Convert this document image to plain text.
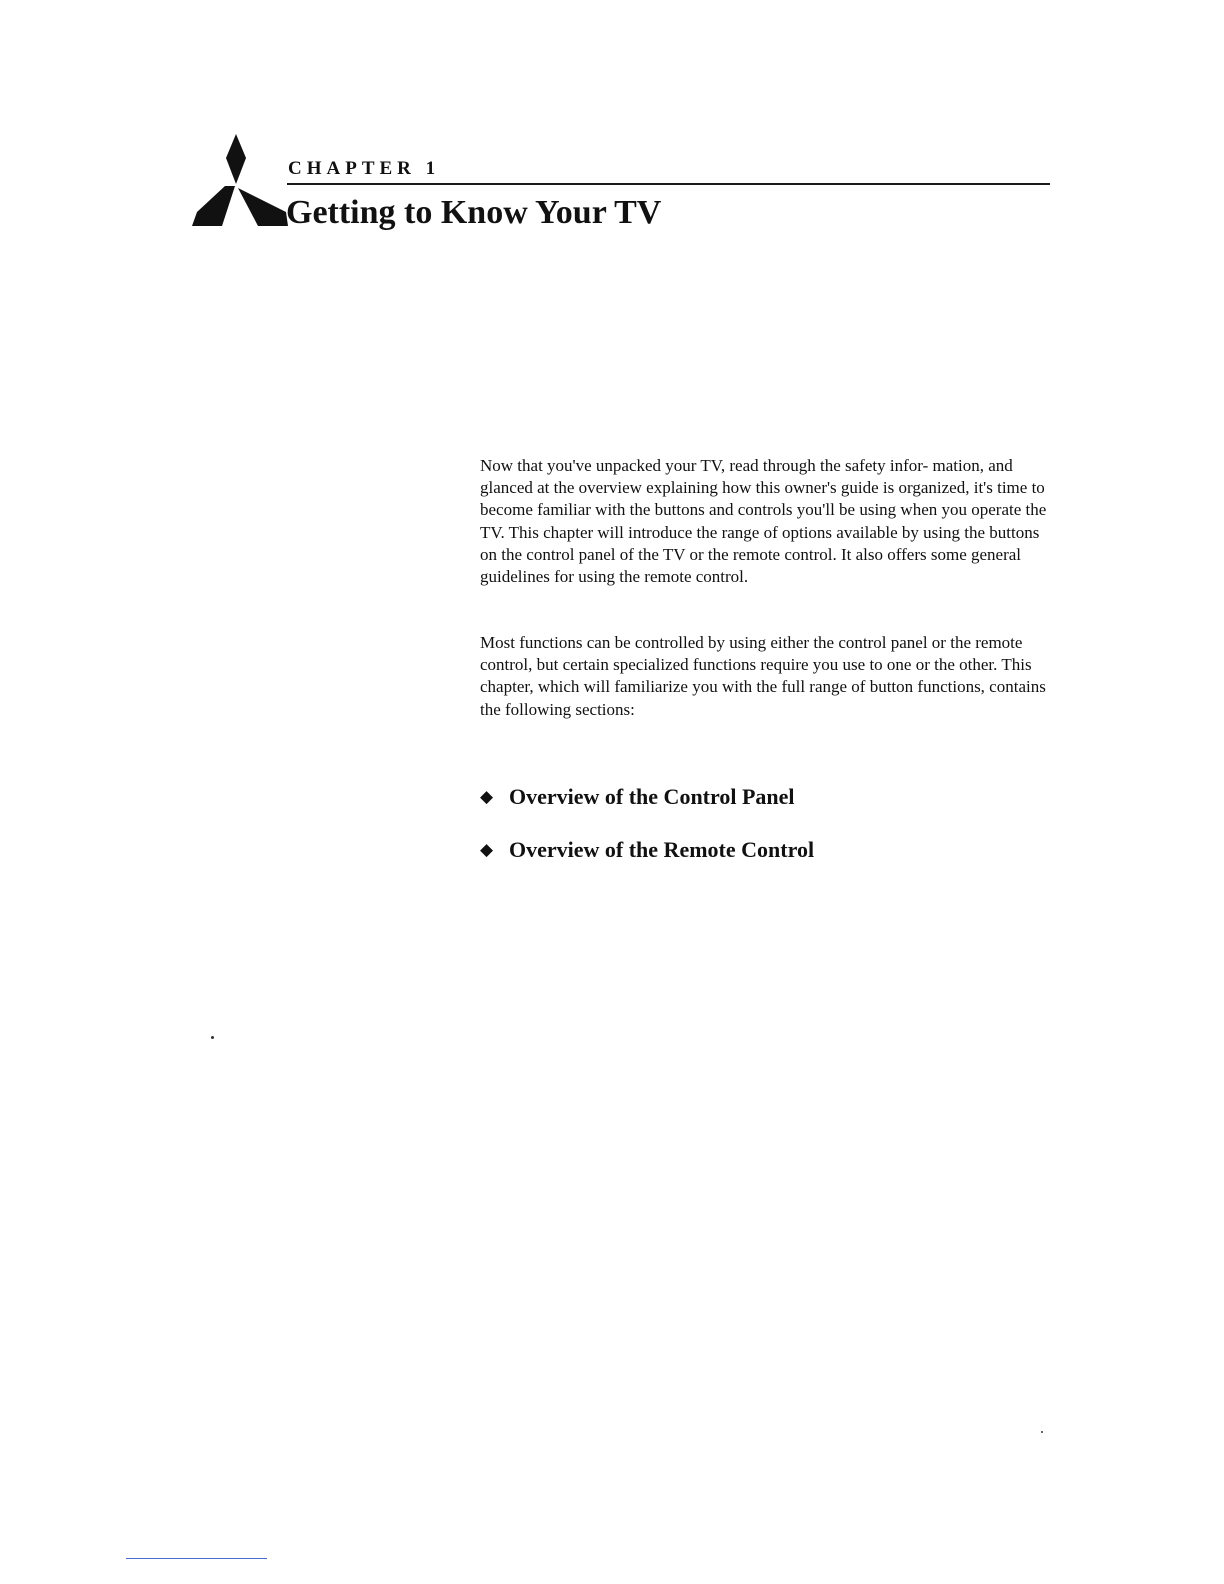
CHAPTER 1
Getting to Know Your TV

Now that you've unpacked your TV, read through the safety infor- mation, and glanced at the overview explaining how this owner's guide is organized, it's time to become familiar with the buttons and controls you'll be using when you operate the TV. This chapter will introduce the range of options available by using the buttons on the control panel of the TV or the remote control. It also offers some general guidelines for using the remote control.

Most functions can be controlled by using either the control panel or the remote control, but certain specialized functions require you use to one or the other. This chapter, which will familiarize you with the full range of button functions, contains the following sections:

◆ Overview of the Control Panel
◆ Overview of the Remote Control
